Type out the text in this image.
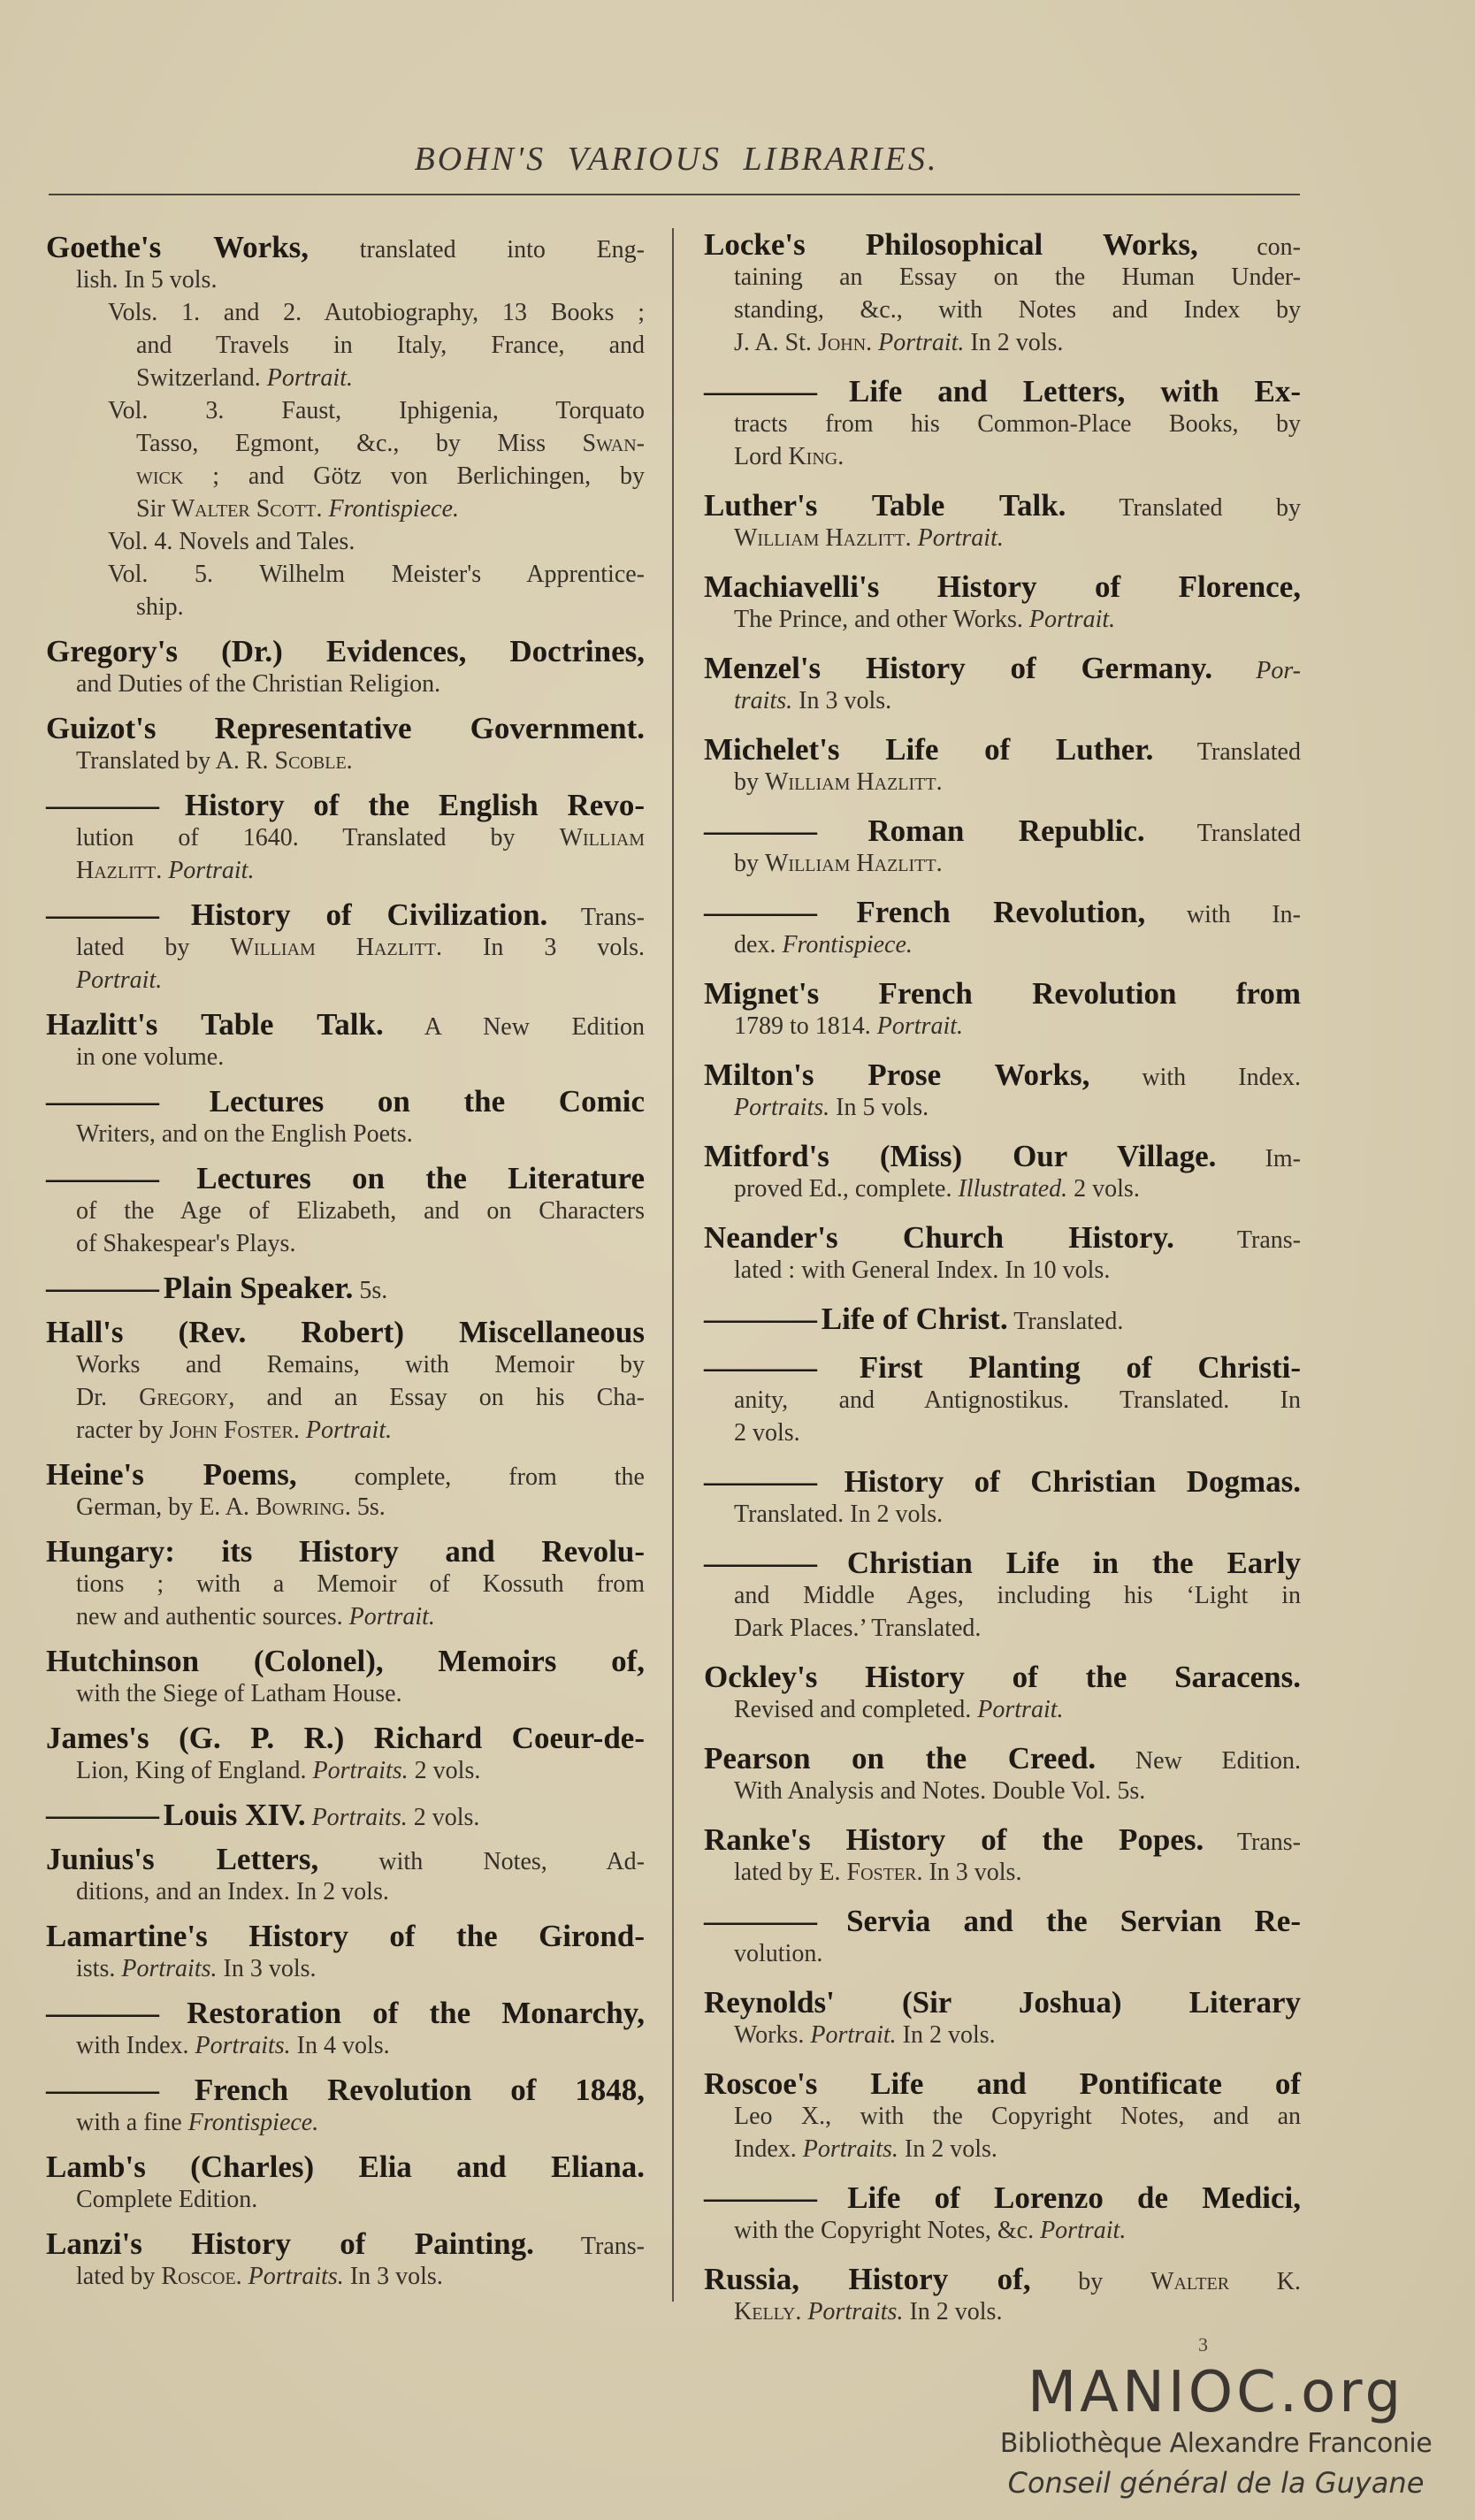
BOHN'S VARIOUS LIBRARIES.
Goethe's Works, translated into Eng-
lish. In 5 vols.
Vols. 1. and 2. Autobiography, 13 Books ;
and Travels in Italy, France, and
Switzerland. Portrait.
Vol. 3. Faust, Iphigenia, Torquato
Tasso, Egmont, &c., by Miss Swan-
wick ; and Götz von Berlichingen, by
Sir Walter Scott. Frontispiece.
Vol. 4. Novels and Tales.
Vol. 5. Wilhelm Meister's Apprentice-
ship.
Gregory's (Dr.) Evidences, Doctrines,
and Duties of the Christian Religion.
Guizot's Representative Government.
Translated by A. R. Scoble.
———— History of the English Revo-
lution of 1640. Translated by William
Hazlitt. Portrait.
———— History of Civilization. Trans-
lated by William Hazlitt. In 3 vols.
Portrait.
Hazlitt's Table Talk. A New Edition
in one volume.
———— Lectures on the Comic
Writers, and on the English Poets.
———— Lectures on the Literature
of the Age of Elizabeth, and on Characters
of Shakespear's Plays.
———— Plain Speaker. 5s.
Hall's (Rev. Robert) Miscellaneous
Works and Remains, with Memoir by
Dr. Gregory, and an Essay on his Cha-
racter by John Foster. Portrait.
Heine's Poems, complete, from the
German, by E. A. Bowring. 5s.
Hungary: its History and Revolu-
tions ; with a Memoir of Kossuth from
new and authentic sources. Portrait.
Hutchinson (Colonel), Memoirs of,
with the Siege of Latham House.
James's (G. P. R.) Richard Coeur-de-
Lion, King of England. Portraits. 2 vols.
———— Louis XIV. Portraits. 2 vols.
Junius's Letters, with Notes, Ad-
ditions, and an Index. In 2 vols.
Lamartine's History of the Girond-
ists. Portraits. In 3 vols.
———— Restoration of the Monarchy,
with Index. Portraits. In 4 vols.
———— French Revolution of 1848,
with a fine Frontispiece.
Lamb's (Charles) Elia and Eliana.
Complete Edition.
Lanzi's History of Painting. Trans-
lated by Roscoe. Portraits. In 3 vols.
Locke's Philosophical Works, con-
taining an Essay on the Human Under-
standing, &c., with Notes and Index by
J. A. St. John. Portrait. In 2 vols.
———— Life and Letters, with Ex-
tracts from his Common-Place Books, by
Lord King.
Luther's Table Talk. Translated by
William Hazlitt. Portrait.
Machiavelli's History of Florence,
The Prince, and other Works. Portrait.
Menzel's History of Germany. Por-
traits. In 3 vols.
Michelet's Life of Luther. Translated
by William Hazlitt.
———— Roman Republic. Translated
by William Hazlitt.
———— French Revolution, with In-
dex. Frontispiece.
Mignet's French Revolution from
1789 to 1814. Portrait.
Milton's Prose Works, with Index.
Portraits. In 5 vols.
Mitford's (Miss) Our Village. Im-
proved Ed., complete. Illustrated. 2 vols.
Neander's Church History. Trans-
lated : with General Index. In 10 vols.
———— Life of Christ. Translated.
———— First Planting of Christi-
anity, and Antignostikus. Translated. In
2 vols.
———— History of Christian Dogmas.
Translated. In 2 vols.
———— Christian Life in the Early
and Middle Ages, including his ‘Light in
Dark Places.’ Translated.
Ockley's History of the Saracens.
Revised and completed. Portrait.
Pearson on the Creed. New Edition.
With Analysis and Notes. Double Vol. 5s.
Ranke's History of the Popes. Trans-
lated by E. Foster. In 3 vols.
———— Servia and the Servian Re-
volution.
Reynolds' (Sir Joshua) Literary
Works. Portrait. In 2 vols.
Roscoe's Life and Pontificate of
Leo X., with the Copyright Notes, and an
Index. Portraits. In 2 vols.
———— Life of Lorenzo de Medici,
with the Copyright Notes, &c. Portrait.
Russia, History of, by Walter K.
Kelly. Portraits. In 2 vols.
3
MANIOC.org
Bibliothèque Alexandre Franconie
Conseil général de la Guyane
